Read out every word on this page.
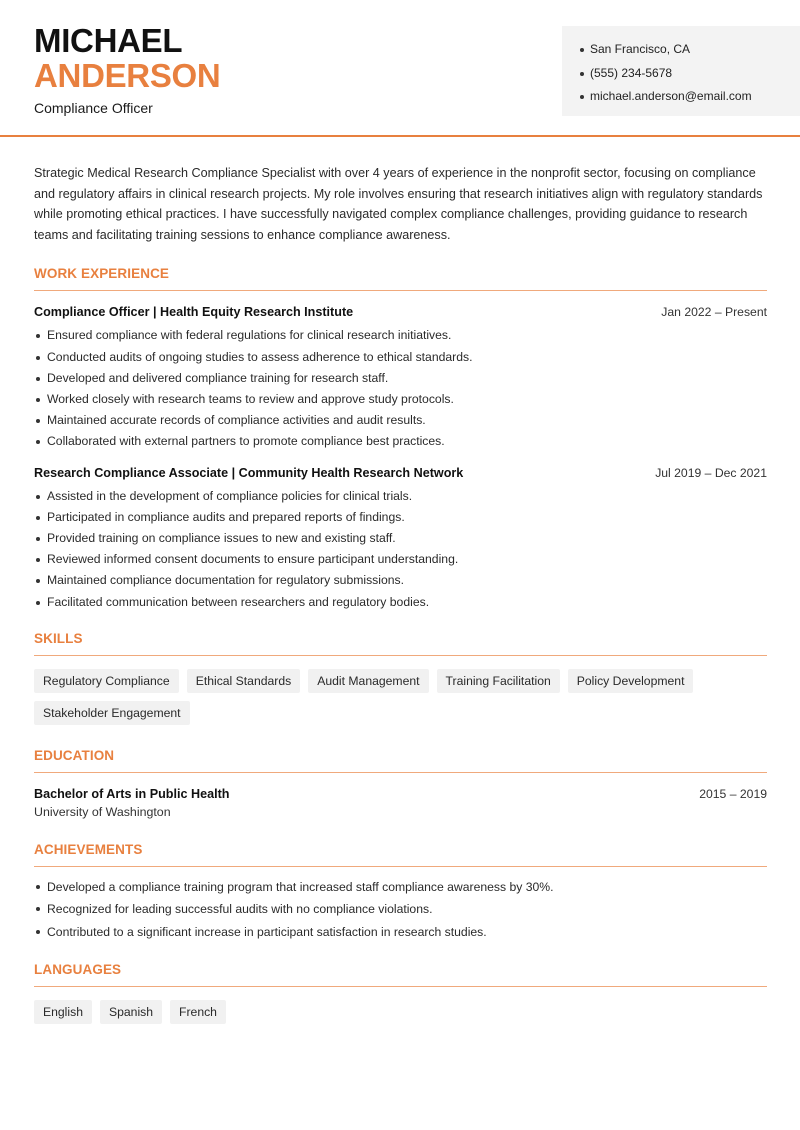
MICHAEL
ANDERSON
Compliance Officer
San Francisco, CA
(555) 234-5678
michael.anderson@email.com

Strategic Medical Research Compliance Specialist with over 4 years of experience in the nonprofit sector, focusing on compliance and regulatory affairs in clinical research projects. My role involves ensuring that research initiatives align with regulatory standards while promoting ethical practices. I have successfully navigated complex compliance challenges, providing guidance to research teams and facilitating training sessions to enhance compliance awareness.

WORK EXPERIENCE
Compliance Officer | Health Equity Research Institute	Jan 2022 – Present
Ensured compliance with federal regulations for clinical research initiatives.
Conducted audits of ongoing studies to assess adherence to ethical standards.
Developed and delivered compliance training for research staff.
Worked closely with research teams to review and approve study protocols.
Maintained accurate records of compliance activities and audit results.
Collaborated with external partners to promote compliance best practices.
Research Compliance Associate | Community Health Research Network	Jul 2019 – Dec 2021
Assisted in the development of compliance policies for clinical trials.
Participated in compliance audits and prepared reports of findings.
Provided training on compliance issues to new and existing staff.
Reviewed informed consent documents to ensure participant understanding.
Maintained compliance documentation for regulatory submissions.
Facilitated communication between researchers and regulatory bodies.
SKILLS
Regulatory Compliance	Ethical Standards	Audit Management	Training Facilitation	Policy Development
Stakeholder Engagement
EDUCATION
Bachelor of Arts in Public Health	2015 – 2019
University of Washington
ACHIEVEMENTS
Developed a compliance training program that increased staff compliance awareness by 30%.
Recognized for leading successful audits with no compliance violations.
Contributed to a significant increase in participant satisfaction in research studies.
LANGUAGES
English	Spanish	French
